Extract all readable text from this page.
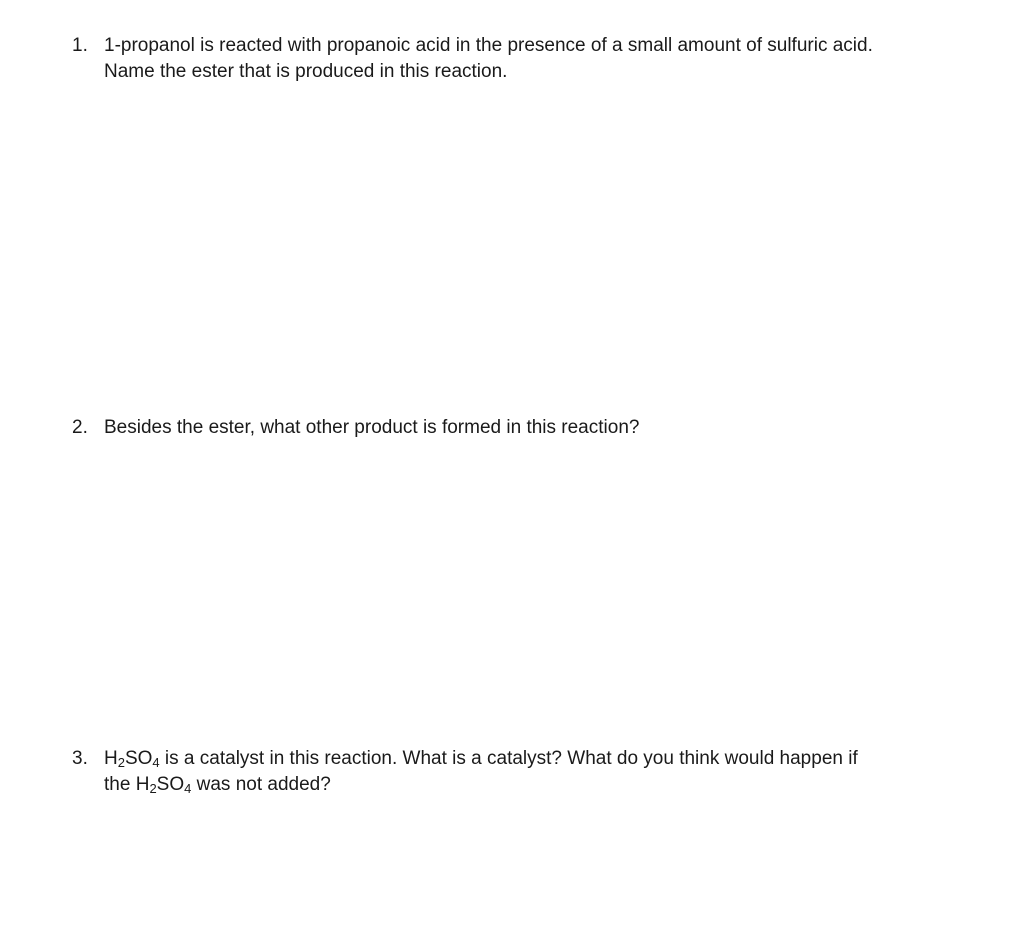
1. 1-propanol is reacted with propanoic acid in the presence of a small amount of sulfuric acid.
Name the ester that is produced in this reaction.
2. Besides the ester, what other product is formed in this reaction?
3. $H_2SO_4$ is a catalyst in this reaction. What is a catalyst? What do you think would happen if
the $H_2SO_4$ was not added?
